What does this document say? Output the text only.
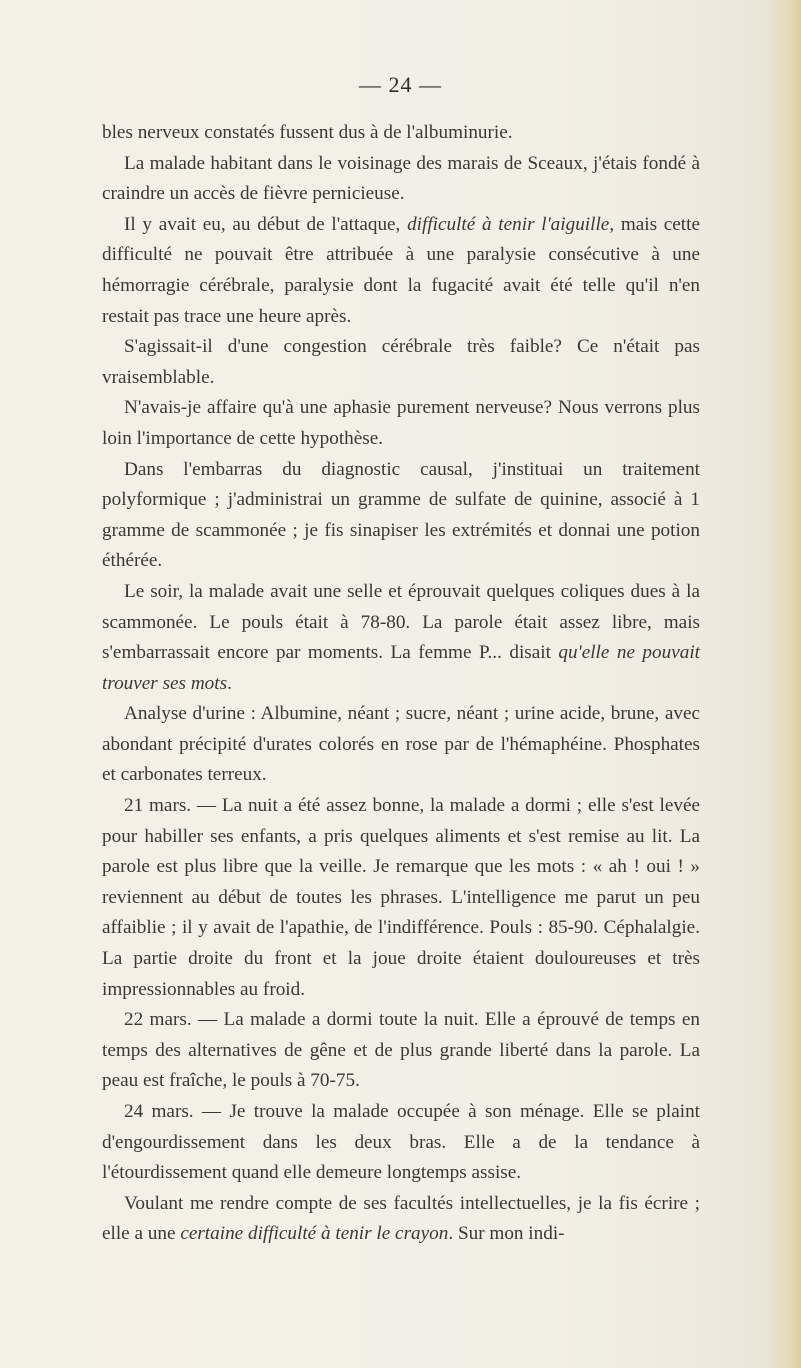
— 24 —

bles nerveux constatés fussent dus à de l'albuminurie.

La malade habitant dans le voisinage des marais de Sceaux, j'étais fondé à craindre un accès de fièvre pernicieuse.

Il y avait eu, au début de l'attaque, difficulté à tenir l'aiguille, mais cette difficulté ne pouvait être attribuée à une paralysie consécutive à une hémorragie cérébrale, paralysie dont la fugacité avait été telle qu'il n'en restait pas trace une heure après.

S'agissait-il d'une congestion cérébrale très faible? Ce n'était pas vraisemblable.

N'avais-je affaire qu'à une aphasie purement nerveuse? Nous verrons plus loin l'importance de cette hypothèse.

Dans l'embarras du diagnostic causal, j'instituai un traitement polyformique ; j'administrai un gramme de sulfate de quinine, associé à 1 gramme de scammonée ; je fis sinapiser les extrémités et donnai une potion éthérée.

Le soir, la malade avait une selle et éprouvait quelques coliques dues à la scammonée. Le pouls était à 78-80. La parole était assez libre, mais s'embarrassait encore par moments. La femme P... disait qu'elle ne pouvait trouver ses mots.

Analyse d'urine : Albumine, néant ; sucre, néant ; urine acide, brune, avec abondant précipité d'urates colorés en rose par de l'hémaphéine. Phosphates et carbonates terreux.

21 mars. — La nuit a été assez bonne, la malade a dormi ; elle s'est levée pour habiller ses enfants, a pris quelques aliments et s'est remise au lit. La parole est plus libre que la veille. Je remarque que les mots : « ah ! oui ! » reviennent au début de toutes les phrases. L'intelligence me parut un peu affaiblie ; il y avait de l'apathie, de l'indifférence. Pouls : 85-90. Céphalalgie. La partie droite du front et la joue droite étaient douloureuses et très impressionnables au froid.

22 mars. — La malade a dormi toute la nuit. Elle a éprouvé de temps en temps des alternatives de gêne et de plus grande liberté dans la parole. La peau est fraîche, le pouls à 70-75.

24 mars. — Je trouve la malade occupée à son ménage. Elle se plaint d'engourdissement dans les deux bras. Elle a de la tendance à l'étourdissement quand elle demeure longtemps assise.

Voulant me rendre compte de ses facultés intellectuelles, je la fis écrire ; elle a une certaine difficulté à tenir le crayon. Sur mon indi-
